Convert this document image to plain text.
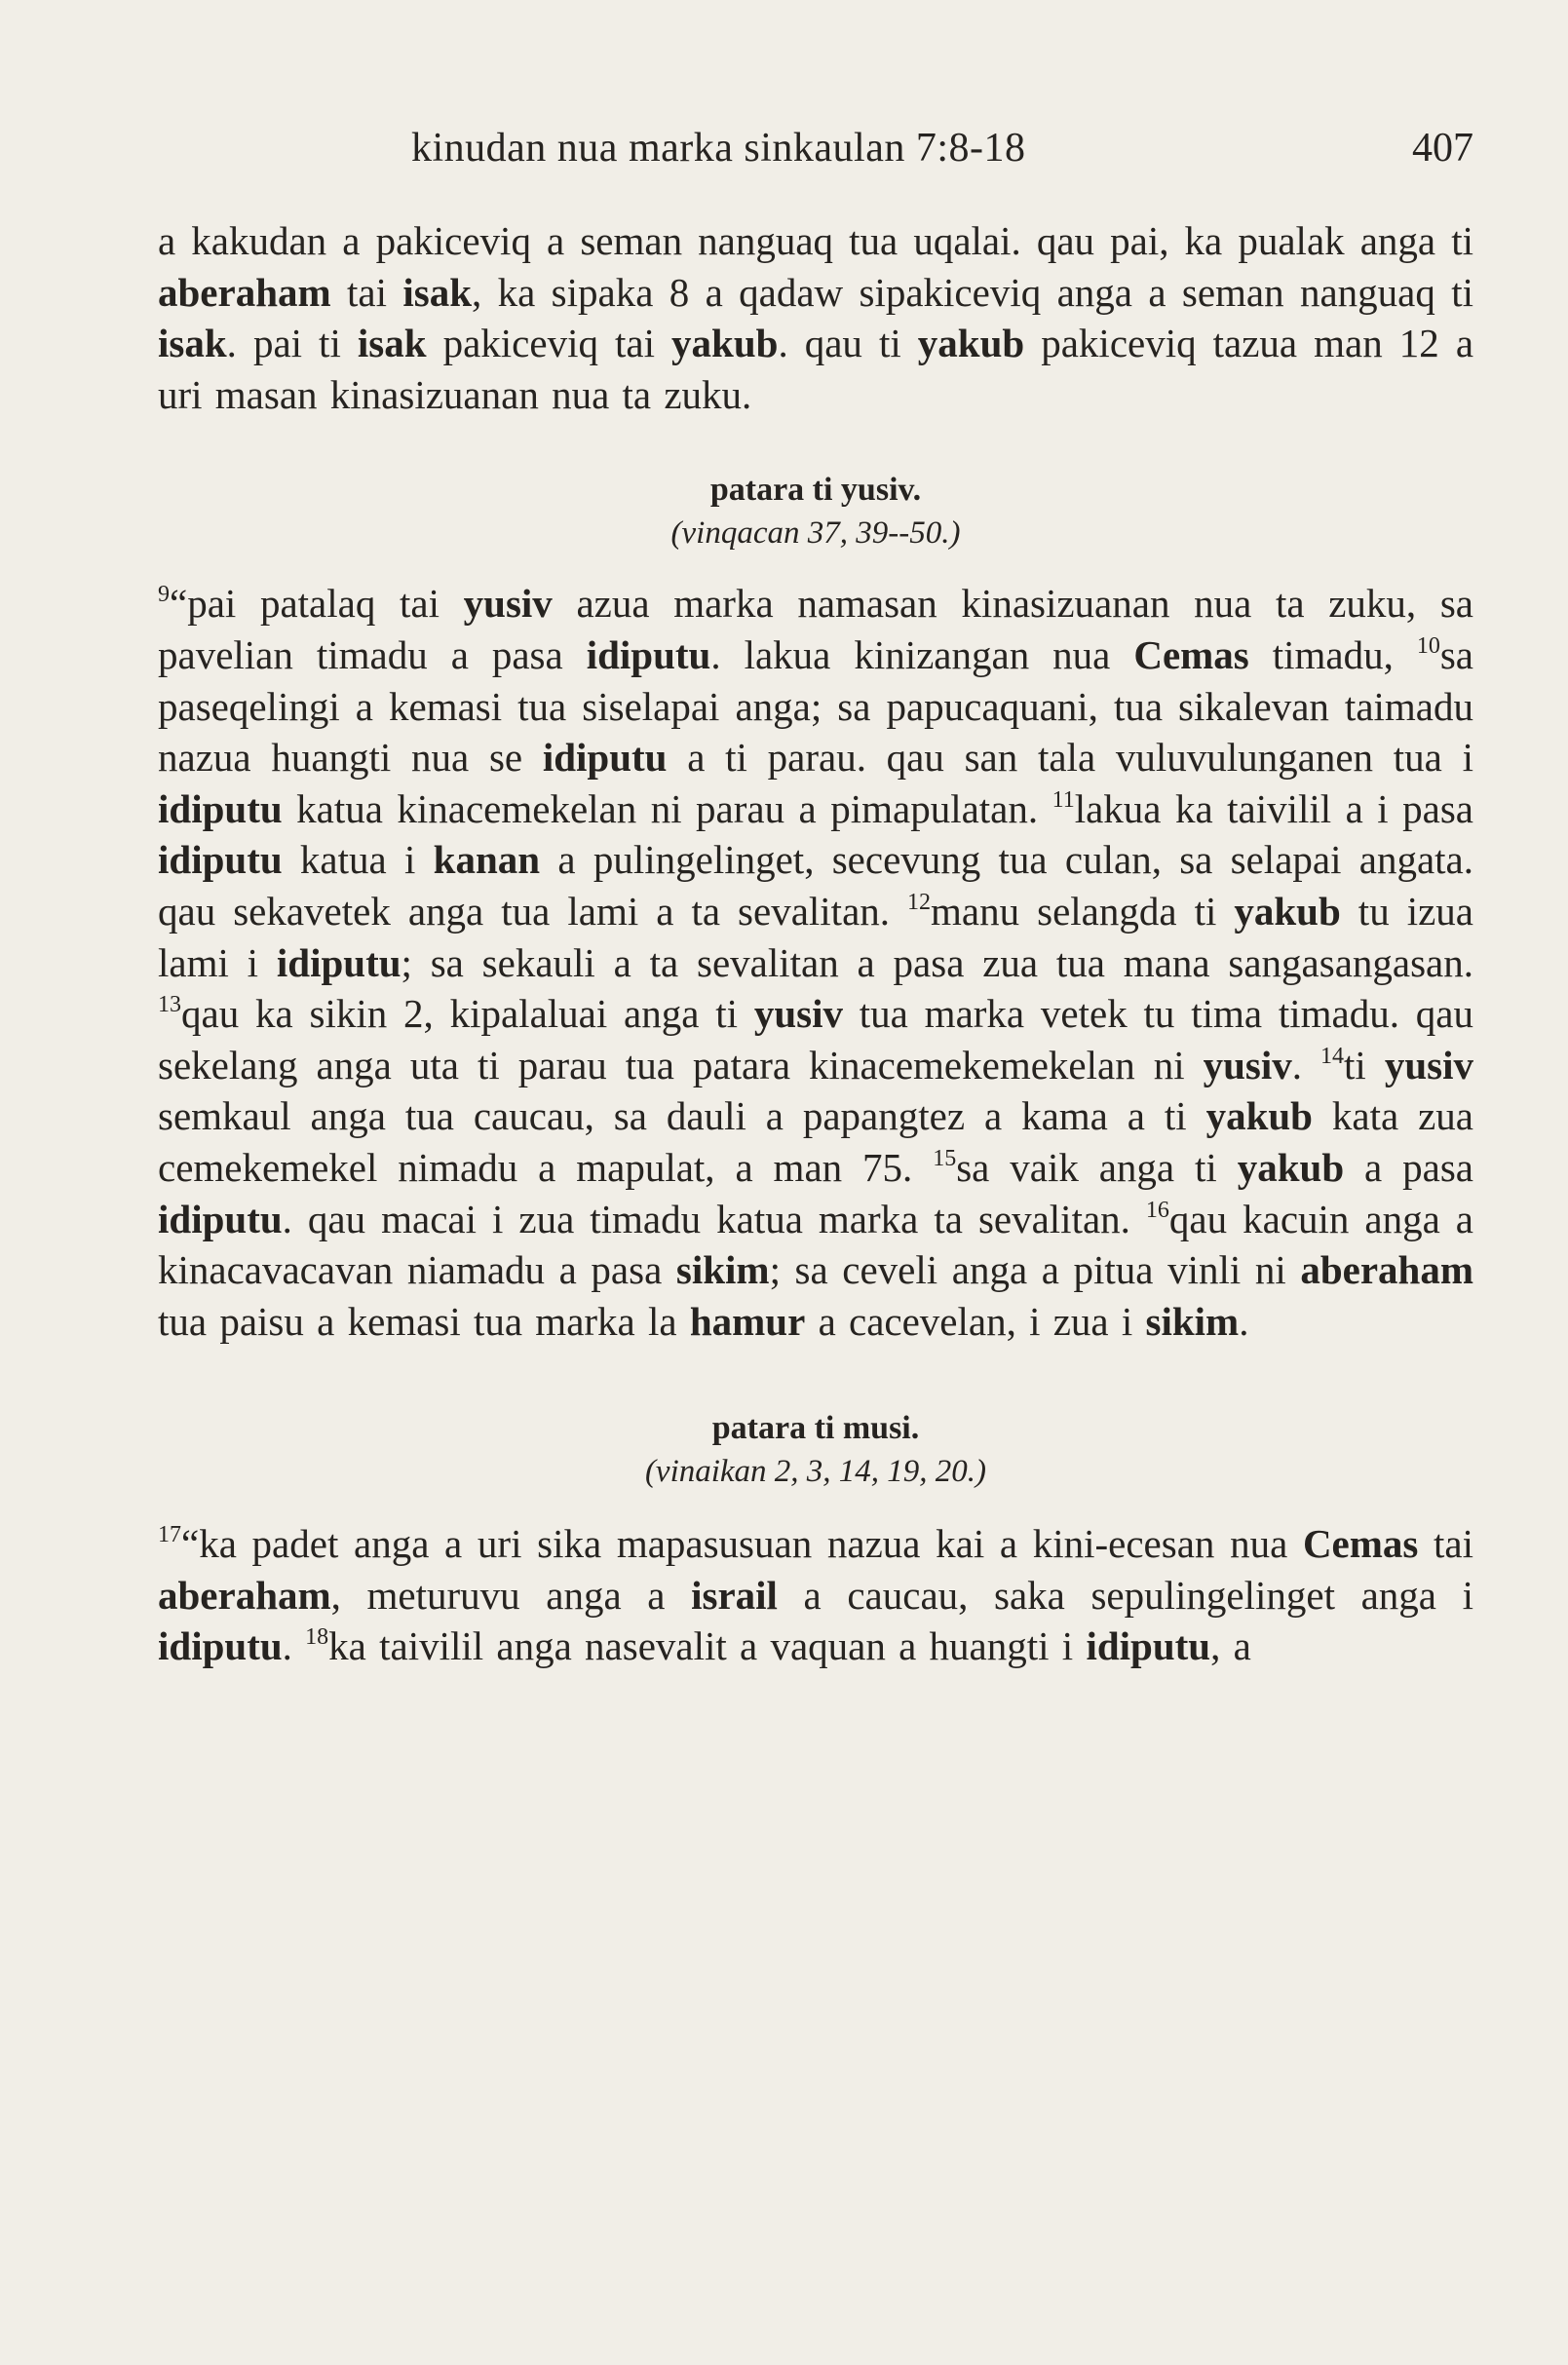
kinudan nua marka sinkaulan 7:8-18	407

a kakudan a pakiceviq a seman nanguaq tua uqalai. qau pai, ka pualak anga ti aberaham tai isak, ka sipaka 8 a qadaw sipakiceviq anga a seman nanguaq ti isak. pai ti isak pakiceviq tai yakub. qau ti yakub pakiceviq tazua man 12 a uri masan kinasizuanan nua ta zuku.

patara ti yusiv.
(vinqacan 37, 39--50.)

$^9$“pai patalaq tai yusiv azua marka namasan kinasizuanan nua ta zuku, sa pavelian timadu a pasa idiputu. lakua kinizangan nua Cemas timadu, $^{10}$sa paseqelingi a kemasi tua siselapai anga; sa papucaquani, tua sikalevan taimadu nazua huangti nua se idiputu a ti parau. qau san tala vuluvulunganen tua i idiputu katua kinacemekelan ni parau a pimapulatan. $^{11}$lakua ka taivilil a i pasa idiputu katua i kanan a pulingelinget, secevung tua culan, sa selapai angata. qau sekavetek anga tua lami a ta sevalitan. $^{12}$manu selangda ti yakub tu izua lami i idiputu; sa sekauli a ta sevalitan a pasa zua tua mana sangasangasan. $^{13}$qau ka sikin 2, kipalaluai anga ti yusiv tua marka vetek tu tima timadu. qau sekelang anga uta ti parau tua patara kinacemekemekelan ni yusiv. $^{14}$ti yusiv semkaul anga tua caucau, sa dauli a papangtez a kama a ti yakub kata zua cemekemekel nimadu a mapulat, a man 75. $^{15}$sa vaik anga ti yakub a pasa idiputu. qau macai i zua timadu katua marka ta sevalitan. $^{16}$qau kacuin anga a kinacavacavan niamadu a pasa sikim; sa ceveli anga a pitua vinli ni aberaham tua paisu a kemasi tua marka la hamur a cacevelan, i zua i sikim.

patara ti musi.
(vinaikan 2, 3, 14, 19, 20.)

$^{17}$“ka padet anga a uri sika mapasusuan nazua kai a kini-ecesan nua Cemas tai aberaham, meturuvu anga a israil a caucau, saka sepulingelinget anga i idiputu. $^{18}$ka taivilil anga nasevalit a vaquan a huangti i idiputu, a
